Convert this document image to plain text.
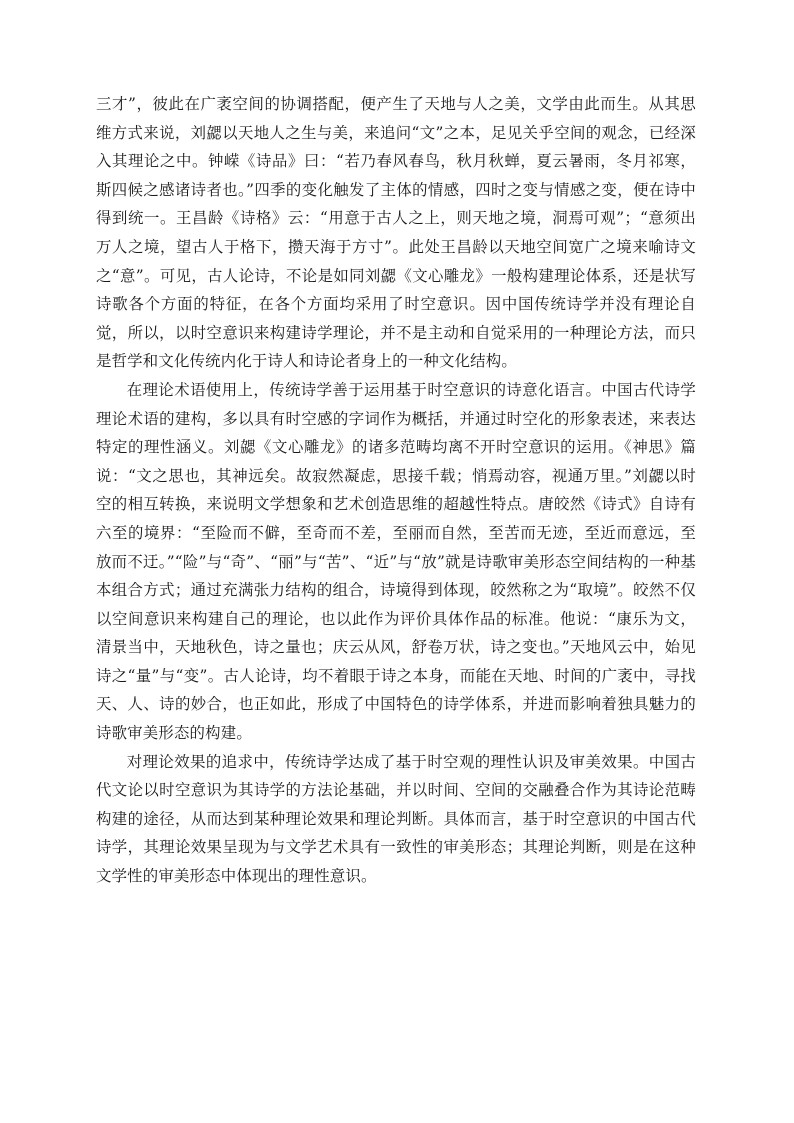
三才”，彼此在广袤空间的协调搭配，便产生了天地与人之美，文学由此而生。从其思维方式来说，刘勰以天地人之生与美，来追问“文”之本，足见关乎空间的观念，已经深入其理论之中。钟嵘《诗品》曰：“若乃春风春鸟，秋月秋蝉，夏云暑雨，冬月祁寒，斯四候之感诸诗者也。”四季的变化触发了主体的情感，四时之变与情感之变，便在诗中得到统一。王昌龄《诗格》云：“用意于古人之上，则天地之境，洞焉可观”；“意须出万人之境，望古人于格下，攒天海于方寸”。此处王昌龄以天地空间宽广之境来喻诗文之“意”。可见，古人论诗，不论是如同刘勰《文心雕龙》一般构建理论体系，还是状写诗歌各个方面的特征，在各个方面均采用了时空意识。因中国传统诗学并没有理论自觉，所以，以时空意识来构建诗学理论，并不是主动和自觉采用的一种理论方法，而只是哲学和文化传统内化于诗人和诗论者身上的一种文化结构。

在理论术语使用上，传统诗学善于运用基于时空意识的诗意化语言。中国古代诗学理论术语的建构，多以具有时空感的字词作为概括，并通过时空化的形象表述，来表达特定的理性涵义。刘勰《文心雕龙》的诸多范畴均离不开时空意识的运用。《神思》篇说：“文之思也，其神远矣。故寂然凝虑，思接千载；悄焉动容，视通万里。”刘勰以时空的相互转换，来说明文学想象和艺术创造思维的超越性特点。唐皎然《诗式》自诗有六至的境界：“至险而不僻，至奇而不差，至丽而自然，至苦而无迹，至近而意远，至放而不迂。”“险”与“奇”、“丽”与“苦”、“近”与“放”就是诗歌审美形态空间结构的一种基本组合方式；通过充满张力结构的组合，诗境得到体现，皎然称之为“取境”。皎然不仅以空间意识来构建自己的理论，也以此作为评价具体作品的标准。他说：“康乐为文，清景当中，天地秋色，诗之量也；庆云从风，舒卷万状，诗之变也。”天地风云中，始见诗之“量”与“变”。古人论诗，均不着眼于诗之本身，而能在天地、时间的广袤中，寻找天、人、诗的妙合，也正如此，形成了中国特色的诗学体系，并进而影响着独具魅力的诗歌审美形态的构建。

对理论效果的追求中，传统诗学达成了基于时空观的理性认识及审美效果。中国古代文论以时空意识为其诗学的方法论基础，并以时间、空间的交融叠合作为其诗论范畴构建的途径，从而达到某种理论效果和理论判断。具体而言，基于时空意识的中国古代诗学，其理论效果呈现为与文学艺术具有一致性的审美形态；其理论判断，则是在这种文学性的审美形态中体现出的理性意识。
